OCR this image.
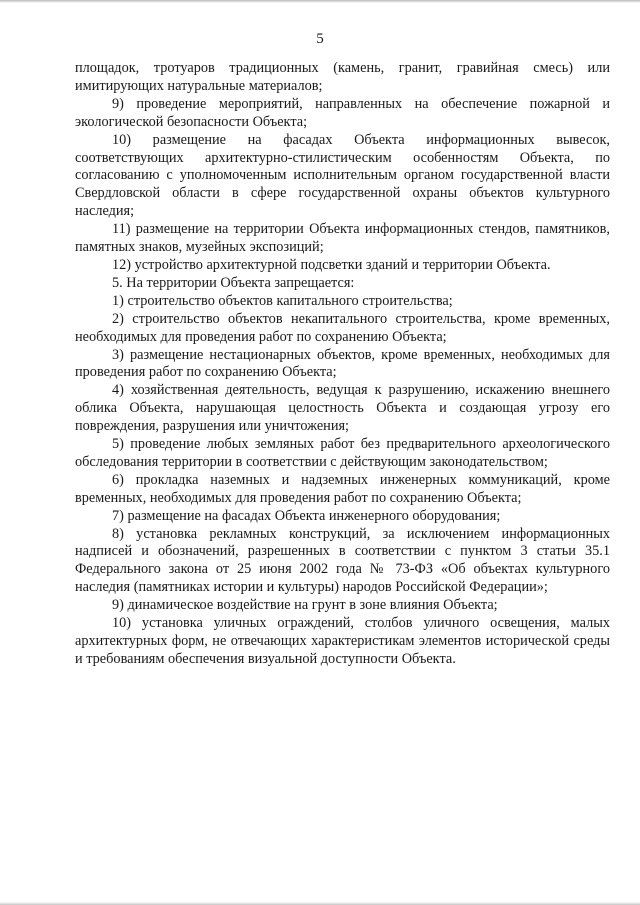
5

площадок, тротуаров традиционных (камень, гранит, гравийная смесь) или имитирующих натуральные материалов;

9) проведение мероприятий, направленных на обеспечение пожарной и экологической безопасности Объекта;

10) размещение на фасадах Объекта информационных вывесок, соответствующих архитектурно-стилистическим особенностям Объекта, по согласованию с уполномоченным исполнительным органом государственной власти Свердловской области в сфере государственной охраны объектов культурного наследия;

11) размещение на территории Объекта информационных стендов, памятников, памятных знаков, музейных экспозиций;

12) устройство архитектурной подсветки зданий и территории Объекта.

5. На территории Объекта запрещается:

1) строительство объектов капитального строительства;

2) строительство объектов некапитального строительства, кроме временных, необходимых для проведения работ по сохранению Объекта;

3) размещение нестационарных объектов, кроме временных, необходимых для проведения работ по сохранению Объекта;

4) хозяйственная деятельность, ведущая к разрушению, искажению внешнего облика Объекта, нарушающая целостность Объекта и создающая угрозу его повреждения, разрушения или уничтожения;

5) проведение любых земляных работ без предварительного археологического обследования территории в соответствии с действующим законодательством;

6) прокладка наземных и надземных инженерных коммуникаций, кроме временных, необходимых для проведения работ по сохранению Объекта;

7) размещение на фасадах Объекта инженерного оборудования;

8) установка рекламных конструкций, за исключением информационных надписей и обозначений, разрешенных в соответствии с пунктом 3 статьи 35.1 Федерального закона от 25 июня 2002 года № 73-ФЗ «Об объектах культурного наследия (памятниках истории и культуры) народов Российской Федерации»;

9) динамическое воздействие на грунт в зоне влияния Объекта;

10) установка уличных ограждений, столбов уличного освещения, малых архитектурных форм, не отвечающих характеристикам элементов исторической среды и требованиям обеспечения визуальной доступности Объекта.
